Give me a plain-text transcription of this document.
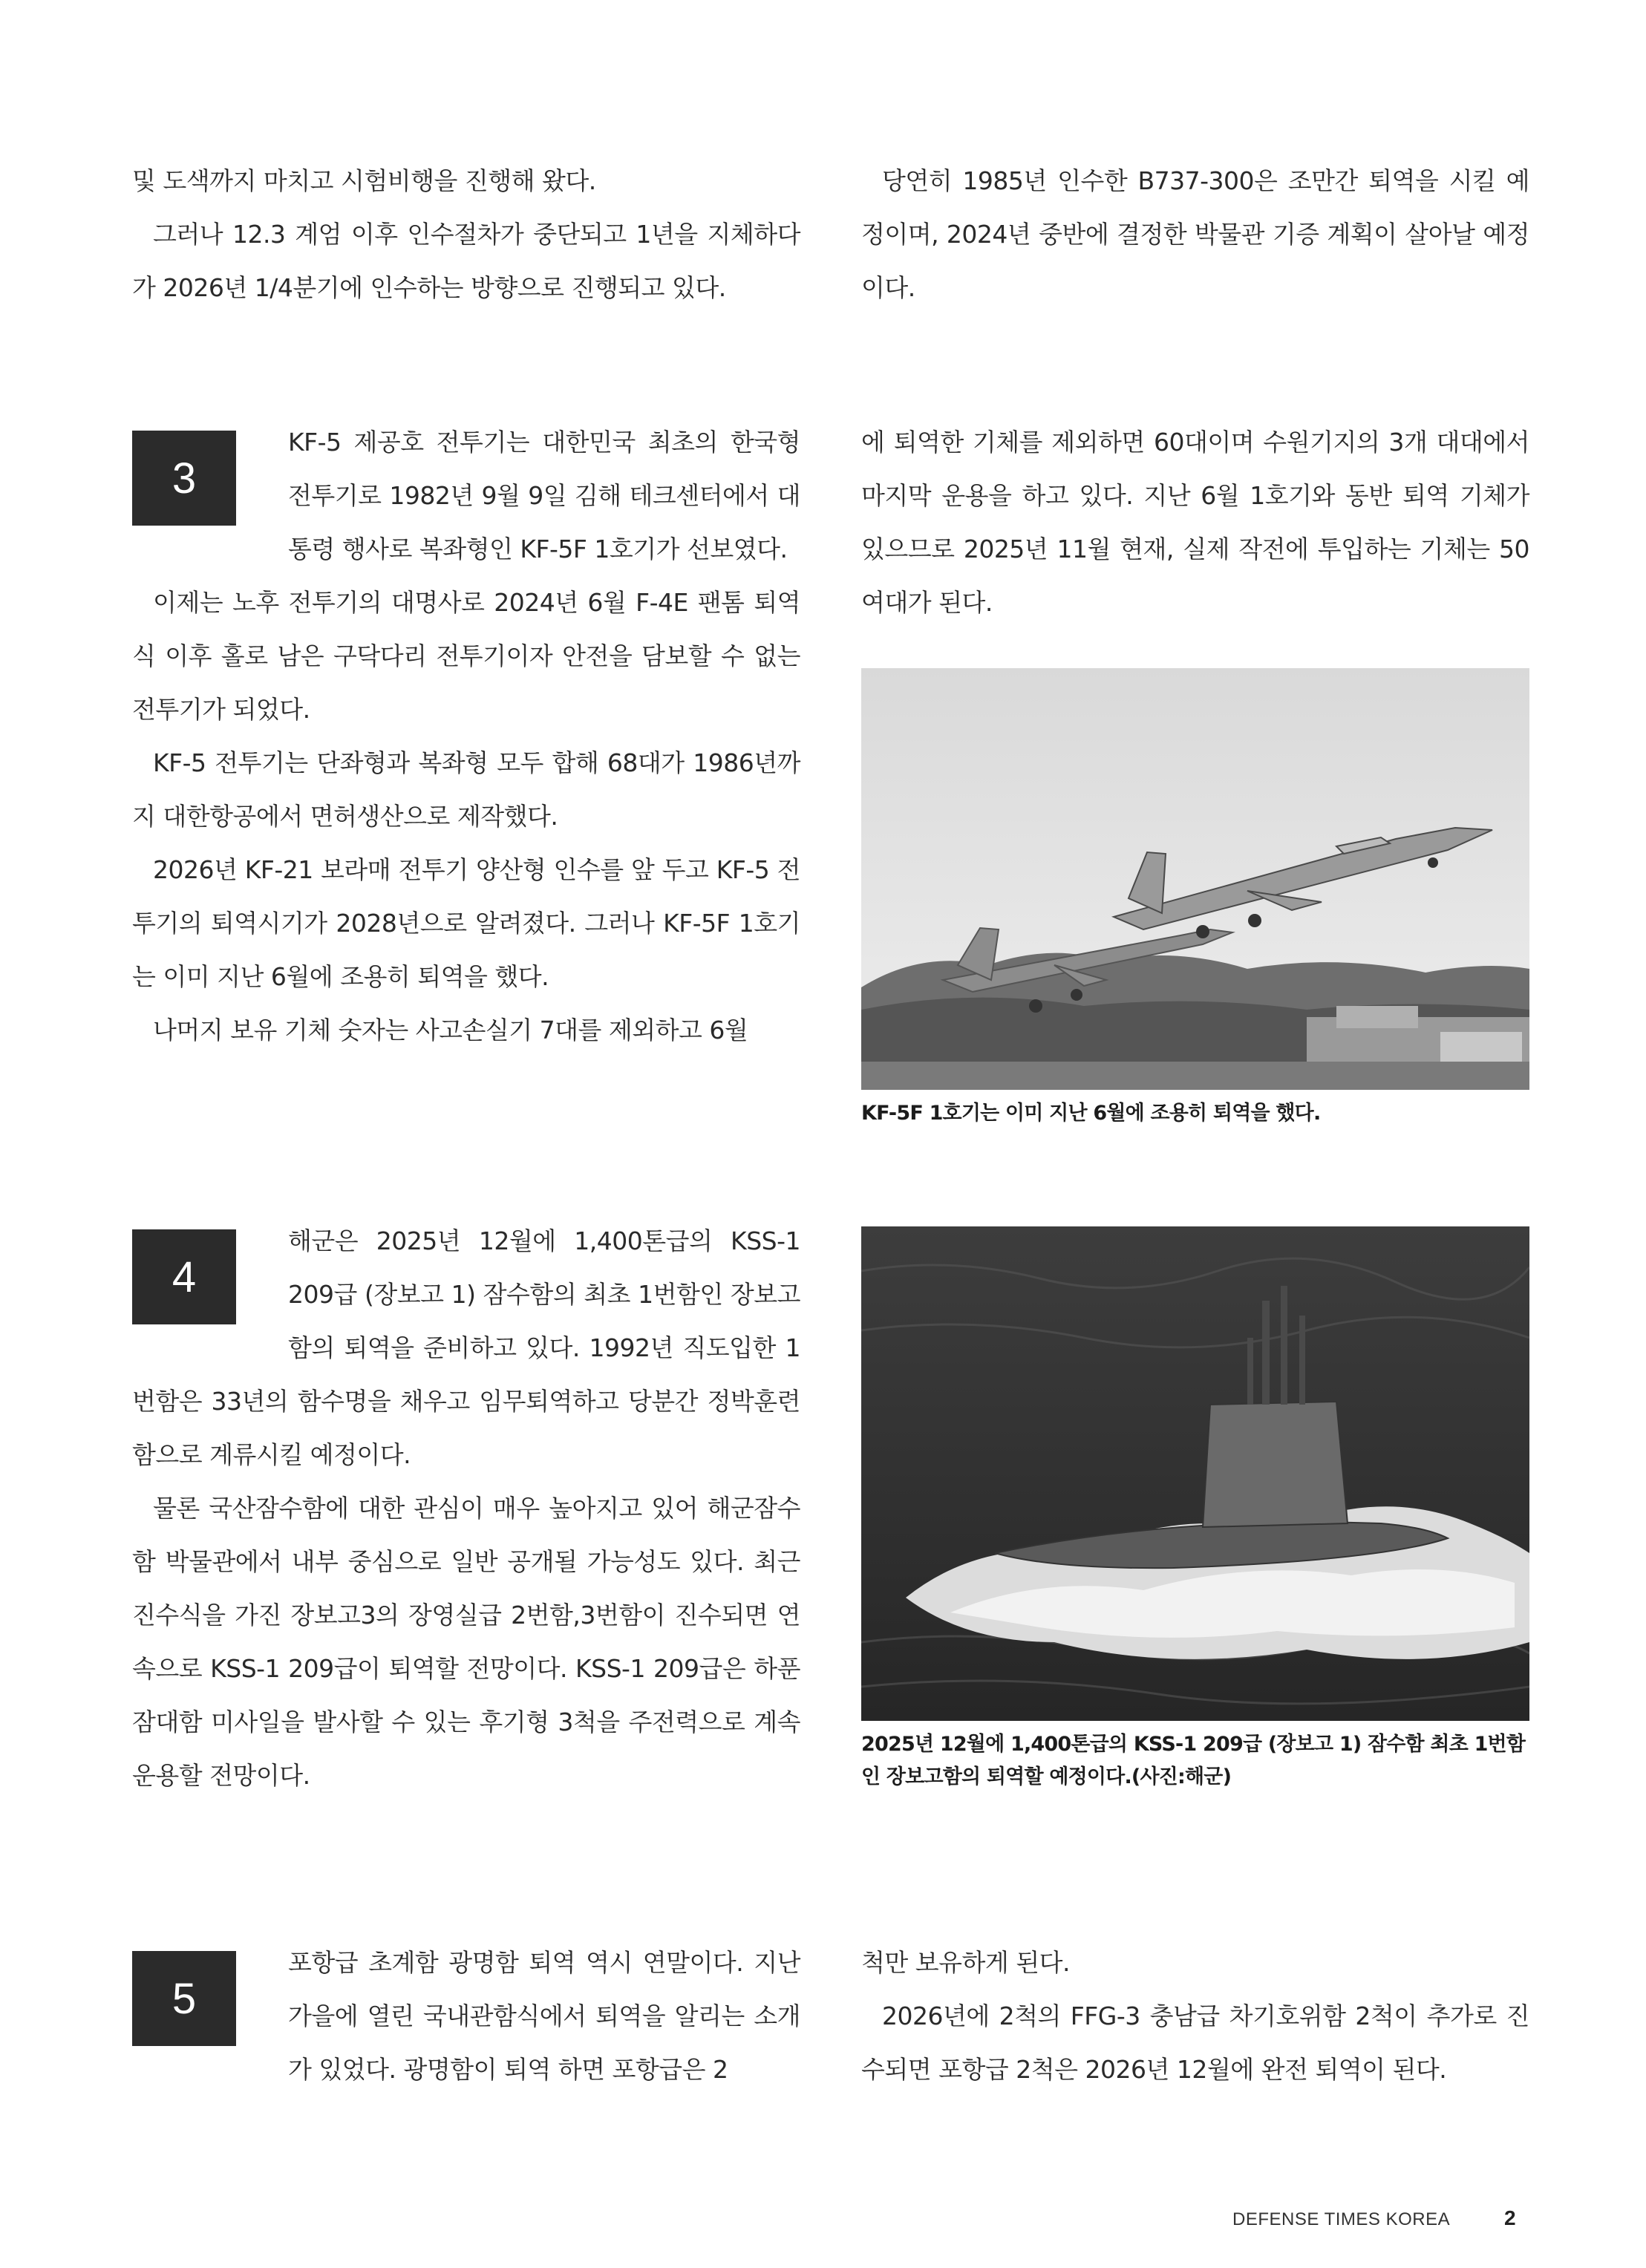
및 도색까지 마치고 시험비행을 진행해 왔다.

그러나 12.3 계엄 이후 인수절차가 중단되고 1년을 지체하다가 2026년 1/4분기에 인수하는 방향으로 진행되고 있다.

당연히 1985년 인수한 B737-300은 조만간 퇴역을 시킬 예정이며, 2024년 중반에 결정한 박물관 기증 계획이 살아날 예정이다.

3

KF-5 제공호 전투기는 대한민국 최초의 한국형 전투기로 1982년 9월 9일 김해 테크센터에서 대통령 행사로 복좌형인 KF-5F 1호기가 선보였다.

이제는 노후 전투기의 대명사로 2024년 6월 F-4E 팬톰 퇴역식 이후 홀로 남은 구닥다리 전투기이자 안전을 담보할 수 없는 전투기가 되었다.

KF-5 전투기는 단좌형과 복좌형 모두 합해 68대가 1986년까지 대한항공에서 면허생산으로 제작했다.

2026년 KF-21 보라매 전투기 양산형 인수를 앞 두고 KF-5 전투기의 퇴역시기가 2028년으로 알려졌다. 그러나 KF-5F 1호기는 이미 지난 6월에 조용히 퇴역을 했다.

나머지 보유 기체 숫자는 사고손실기 7대를 제외하고 6월

에 퇴역한 기체를 제외하면 60대이며 수원기지의 3개 대대에서 마지막 운용을 하고 있다. 지난 6월 1호기와 동반 퇴역 기체가 있으므로 2025년 11월 현재, 실제 작전에 투입하는 기체는 50여대가 된다.

KF-5F 1호기는 이미 지난 6월에 조용히 퇴역을 했다.
4

해군은 2025년 12월에 1,400톤급의 KSS-1 209급 (장보고 1) 잠수함의 최초 1번함인 장보고함의 퇴역을 준비하고 있다. 1992년 직도입한 1번함은 33년의 함수명을 채우고 임무퇴역하고 당분간 정박훈련함으로 계류시킬 예정이다.

물론 국산잠수함에 대한 관심이 매우 높아지고 있어 해군잠수함 박물관에서 내부 중심으로 일반 공개될 가능성도 있다. 최근 진수식을 가진 장보고3의 장영실급 2번함,3번함이 진수되면 연속으로 KSS-1 209급이 퇴역할 전망이다. KSS-1 209급은 하푼 잠대함 미사일을 발사할 수 있는 후기형 3척을 주전력으로 계속 운용할 전망이다.

2025년 12월에 1,400톤급의 KSS-1 209급 (장보고 1) 잠수함 최초 1번함인 장보고함의 퇴역할 예정이다.(사진:해군)
5

포항급 초계함 광명함 퇴역 역시 연말이다. 지난 가을에 열린 국내관함식에서 퇴역을 알리는 소개가 있었다. 광명함이 퇴역 하면 포항급은 2

척만 보유하게 된다.

2026년에 2척의 FFG-3 충남급 차기호위함 2척이 추가로 진수되면 포항급 2척은 2026년 12월에 완전 퇴역이 된다.

DEFENSE TIMES KOREA	2
